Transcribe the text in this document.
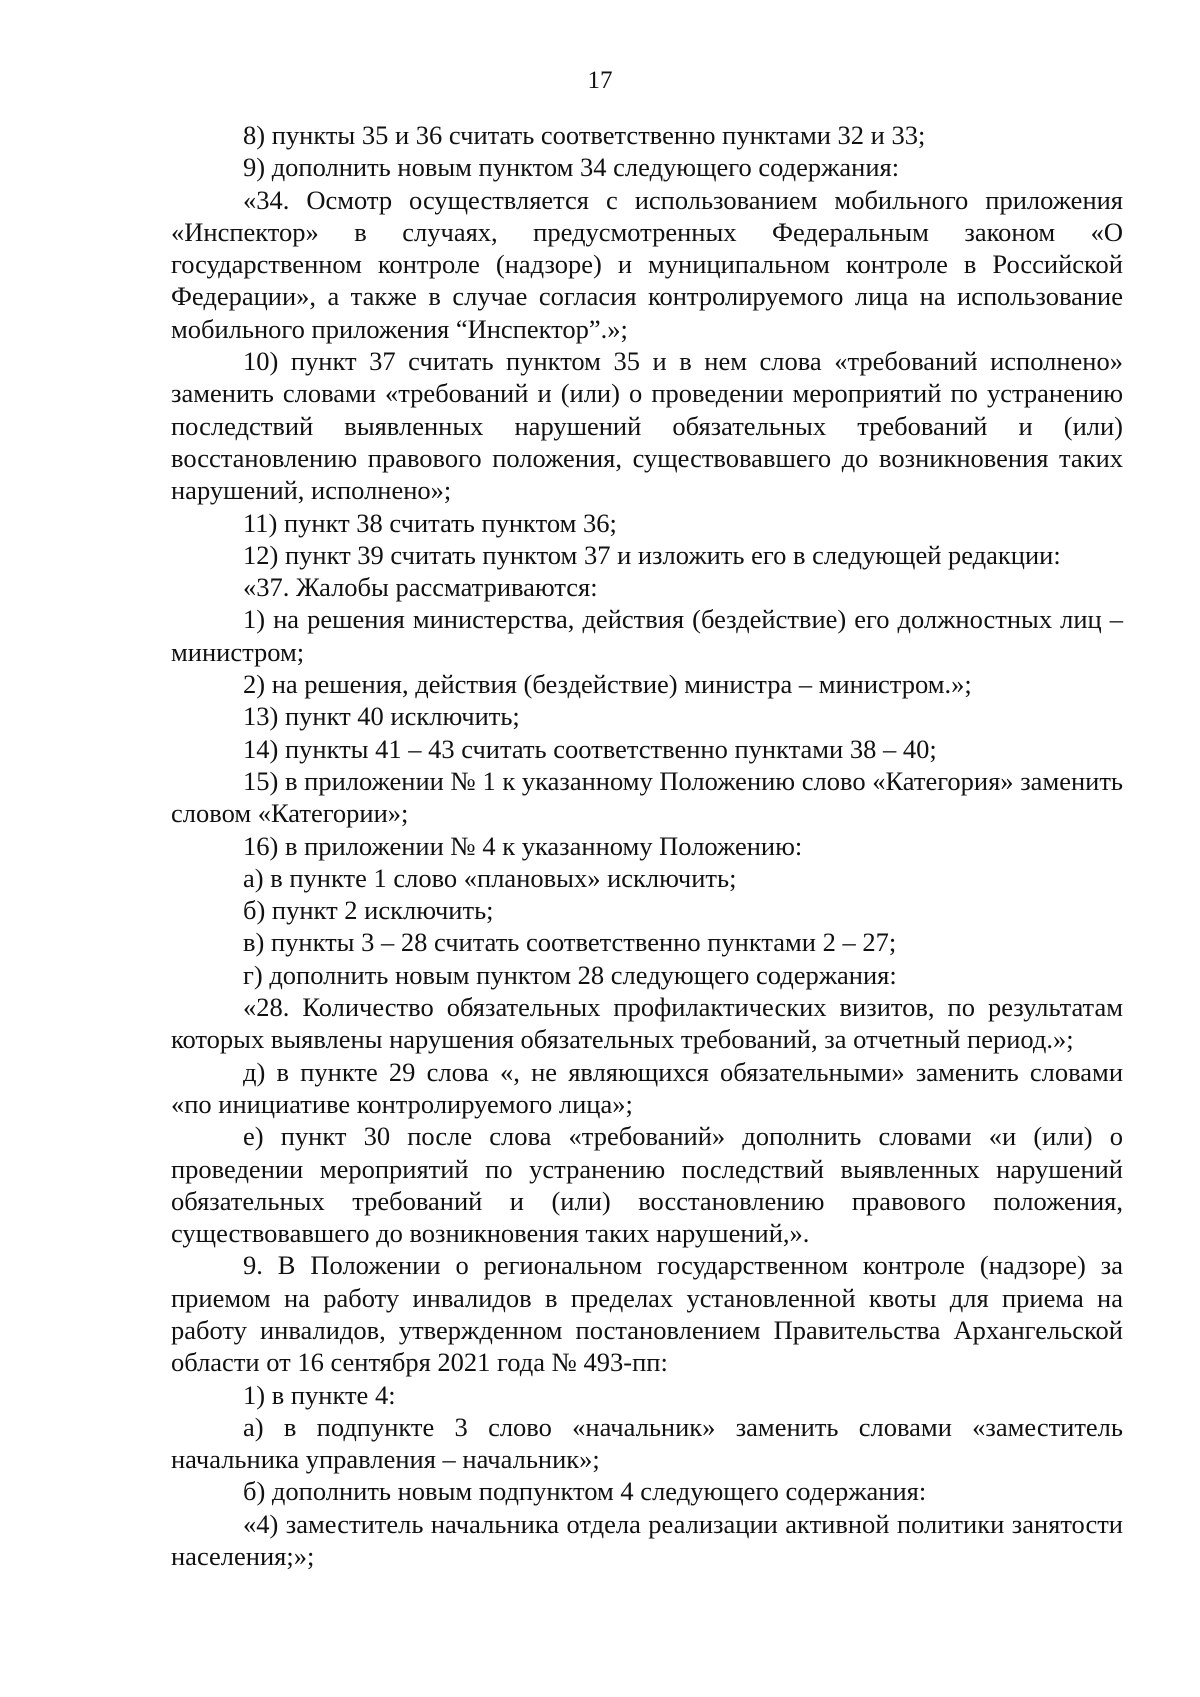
17

8) пункты 35 и 36 считать соответственно пунктами 32 и 33;

9) дополнить новым пунктом 34 следующего содержания:

«34. Осмотр осуществляется с использованием мобильного приложения «Инспектор» в случаях, предусмотренных Федеральным законом «О государственном контроле (надзоре) и муниципальном контроле в Российской Федерации», а также в случае согласия контролируемого лица на использование мобильного приложения “Инспектор”.»;

10) пункт 37 считать пунктом 35 и в нем слова «требований исполнено» заменить словами «требований и (или) о проведении мероприятий по устранению последствий выявленных нарушений обязательных требований и (или) восстановлению правового положения, существовавшего до возникновения таких нарушений, исполнено»;

11) пункт 38 считать пунктом 36;

12) пункт 39 считать пунктом 37 и изложить его в следующей редакции:

«37. Жалобы рассматриваются:

1) на решения министерства, действия (бездействие) его должностных лиц – министром;

2) на решения, действия (бездействие) министра – министром.»;

13) пункт 40 исключить;

14) пункты 41 – 43 считать соответственно пунктами 38 – 40;

15) в приложении № 1 к указанному Положению слово «Категория» заменить словом «Категории»;

16) в приложении № 4 к указанному Положению:

а) в пункте 1 слово «плановых» исключить;

б) пункт 2 исключить;

в) пункты 3 – 28 считать соответственно пунктами 2 – 27;

г) дополнить новым пунктом 28 следующего содержания:

«28. Количество обязательных профилактических визитов, по результатам которых выявлены нарушения обязательных требований, за отчетный период.»;

д) в пункте 29 слова «, не являющихся обязательными» заменить словами «по инициативе контролируемого лица»;

е) пункт 30 после слова «требований» дополнить словами «и (или) о проведении мероприятий по устранению последствий выявленных нарушений обязательных требований и (или) восстановлению правового положения, существовавшего до возникновения таких нарушений,».

9. В Положении о региональном государственном контроле (надзоре) за приемом на работу инвалидов в пределах установленной квоты для приема на работу инвалидов, утвержденном постановлением Правительства Архангельской области от 16 сентября 2021 года № 493-пп:

1) в пункте 4:

а) в подпункте 3 слово «начальник» заменить словами «заместитель начальника управления – начальник»;

б) дополнить новым подпунктом 4 следующего содержания:

«4) заместитель начальника отдела реализации активной политики занятости населения;»;
